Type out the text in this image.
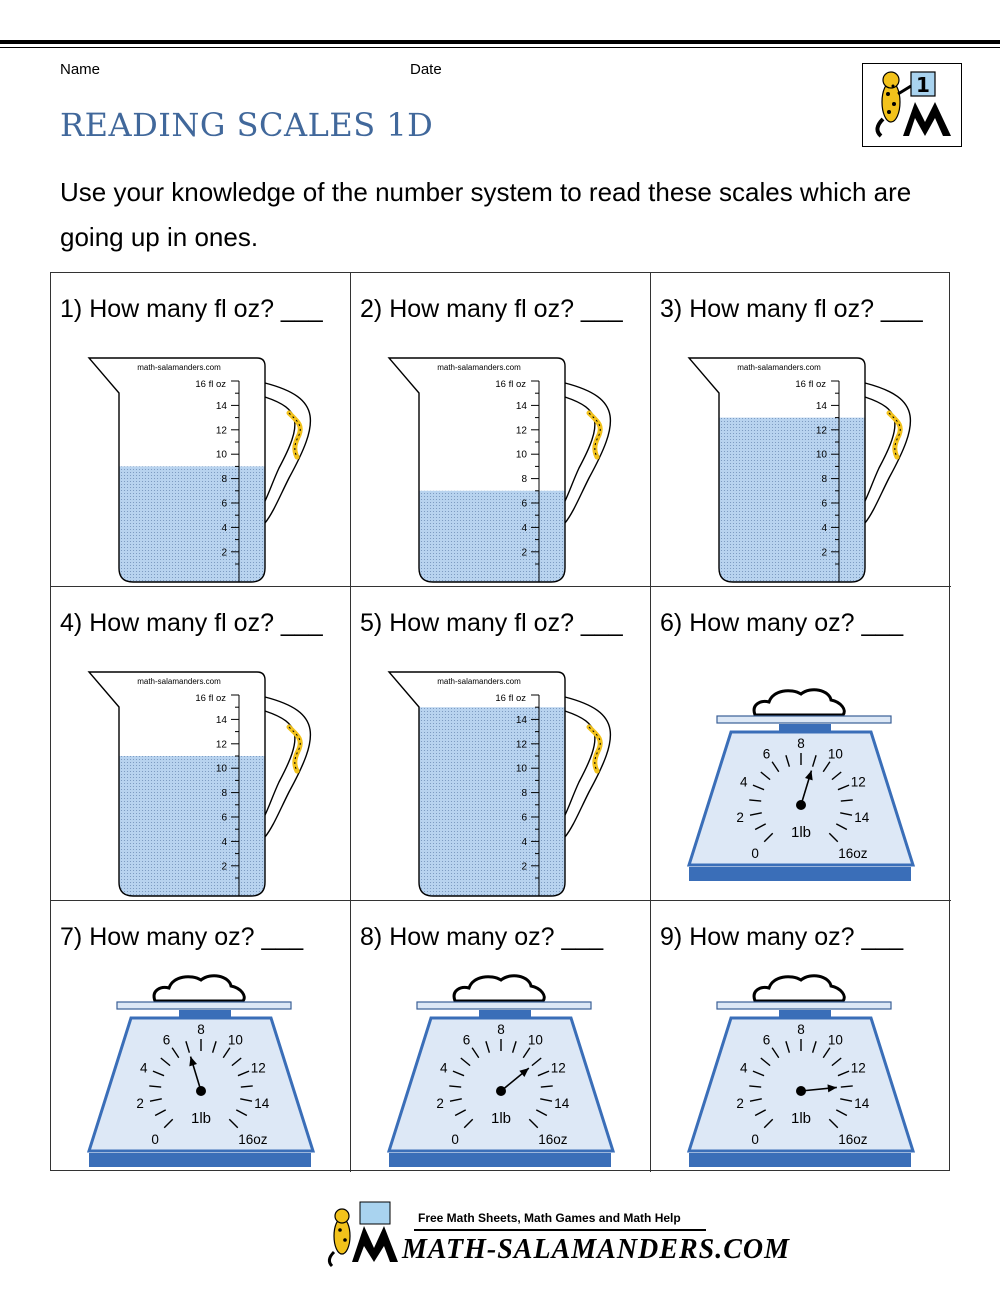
Name	Date
READING SCALES 1D
1
Use your knowledge of the number system to read these scales which are going up in ones.
math-salamanders.com
16 fl oz
14
12
10
8
6
4
2
1) How many fl oz? ___
math-salamanders.com
16 fl oz
14
12
10
8
6
4
2
2) How many fl oz? ___
math-salamanders.com
16 fl oz
14
12
10
8
6
4
2
3) How many fl oz? ___
math-salamanders.com
16 fl oz
14
12
10
8
6
4
2
4) How many fl oz? ___
math-salamanders.com
16 fl oz
14
12
10
8
6
4
2
5) How many fl oz? ___
0
2
4
6
8
10
12
14
16oz
1lb
6) How many oz? ___
0
2
4
6
8
10
12
14
16oz
1lb
7) How many oz? ___
0
2
4
6
8
10
12
14
16oz
1lb
8) How many oz? ___
0
2
4
6
8
10
12
14
16oz
1lb
9) How many oz? ___
Free Math Sheets, Math Games and Math Help
MATH-SALAMANDERS.COM
